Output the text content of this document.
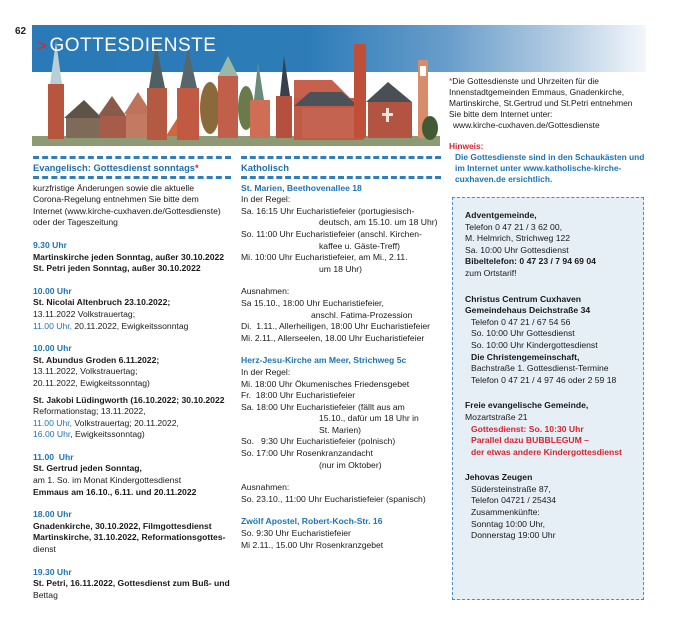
62
> GOTTESDIENSTE

*Die Gottesdienste und Uhrzeiten für die

Innenstadtgemeinden Emmaus, Gnadenkirche,

Martinskirche, St.Gertrud und St.Petri entnehmen

Sie bitte dem Internet unter:

www.kirche-cuxhaven.de/Gottesdienste

Hinweis:

Die Gottesdienste sind in den Schaukästen und

im Internet unter www.katholische-kirche-

cuxhaven.de ersichtlich.

Evangelisch: Gottesdienst sonntags*

kurzfristige Änderungen sowie die aktuelle

Corona-Regelung entnehmen Sie bitte dem

Internet (www.kirche-cuxhaven.de/Gottesdienste)

oder der Tageszeitung

9.30 Uhr

Martinskirche jeden Sonntag, außer 30.10.2022

St. Petri jeden Sonntag, außer 30.10.2022

10.00 Uhr

St. Nicolai Altenbruch 23.10.2022;

13.11.2022 Volkstrauertag;

11.00 Uhr, 20.11.2022, Ewigkeitssonntag

10.00 Uhr

St. Abundus Groden 6.11.2022;

13.11.2022, Volkstrauertag;

20.11.2022, Ewigkeitssonntag)

St. Jakobi Lüdingworth (16.10.2022; 30.10.2022

Reformationstag; 13.11.2022,

11.00 Uhr, Volkstrauertag; 20.11.2022,

16.00 Uhr, Ewigkeitssonntag)

11.00  Uhr

St. Gertrud jeden Sonntag,

am 1. So. im Monat Kindergottesdienst

Emmaus am 16.10., 6.11. und 20.11.2022

18.00 Uhr

Gnadenkirche, 30.10.2022, Filmgottesdienst

Martinskirche, 31.10.2022, Reformationsgottes-

dienst

19.30 Uhr

St. Petri, 16.11.2022, Gottesdienst zum Buß- und

Bettag

Katholisch

St. Marien, Beethovenallee 18

In der Regel:

Sa. 16:15 Uhr Eucharistiefeier (portugiesisch-

deutsch, am 15.10. um 18 Uhr)

So. 11:00 Uhr Eucharistiefeier (anschl. Kirchen-

kaffee u. Gäste-Treff)

Mi. 10:00 Uhr Eucharistiefeier, am Mi., 2.11.

um 18 Uhr)

Ausnahmen:

Sa 15.10., 18:00 Uhr Eucharistiefeier,

anschl. Fatima-Prozession

Di.  1.11., Allerheiligen, 18:00 Uhr Eucharistiefeier

Mi. 2.11., Allerseelen, 18.00 Uhr Eucharistiefeier

Herz-Jesu-Kirche am Meer, Strichweg 5c

In der Regel:

Mi. 18:00 Uhr Ökumenisches Friedensgebet

Fr.  18:00 Uhr Eucharistiefeier

Sa. 18:00 Uhr Eucharistiefeier (fällt aus am

15.10., dafür um 18 Uhr in

St. Marien)

So.   9:30 Uhr Eucharistiefeier (polnisch)

So. 17:00 Uhr Rosenkranzandacht

(nur im Oktober)

Ausnahmen:

So. 23.10., 11:00 Uhr Eucharistiefeier (spanisch)

Zwölf Apostel, Robert-Koch-Str. 16

So. 9:30 Uhr Eucharistiefeier

Mi 2.11., 15.00 Uhr Rosenkranzgebet

Adventgemeinde,

Telefon 0 47 21 / 3 62 00,

M. Helmrich, Strichweg 122

Sa. 10:00 Uhr Gottesdienst

Bibeltelefon: 0 47 23 / 7 94 69 04

zum Ortstarif!

Christus Centrum Cuxhaven

Gemeindehaus Deichstraße 34

Telefon 0 47 21 / 67 54 56

So. 10:00 Uhr Gottesdienst

So. 10:00 Uhr Kindergottesdienst

Die Christengemeinschaft,

Bachstraße 1. Gottesdienst-Termine

Telefon 0 47 21 / 4 97 46 oder 2 59 18

Freie evangelische Gemeinde,

Mozartstraße 21

Gottesdienst: So. 10:30 Uhr

Parallel dazu BUBBLEGUM –

der etwas andere Kindergottesdienst

Jehovas Zeugen

Südersteinstraße 87,

Telefon 04721 / 25434

Zusammenkünfte:

Sonntag 10:00 Uhr,

Donnerstag 19:00 Uhr
